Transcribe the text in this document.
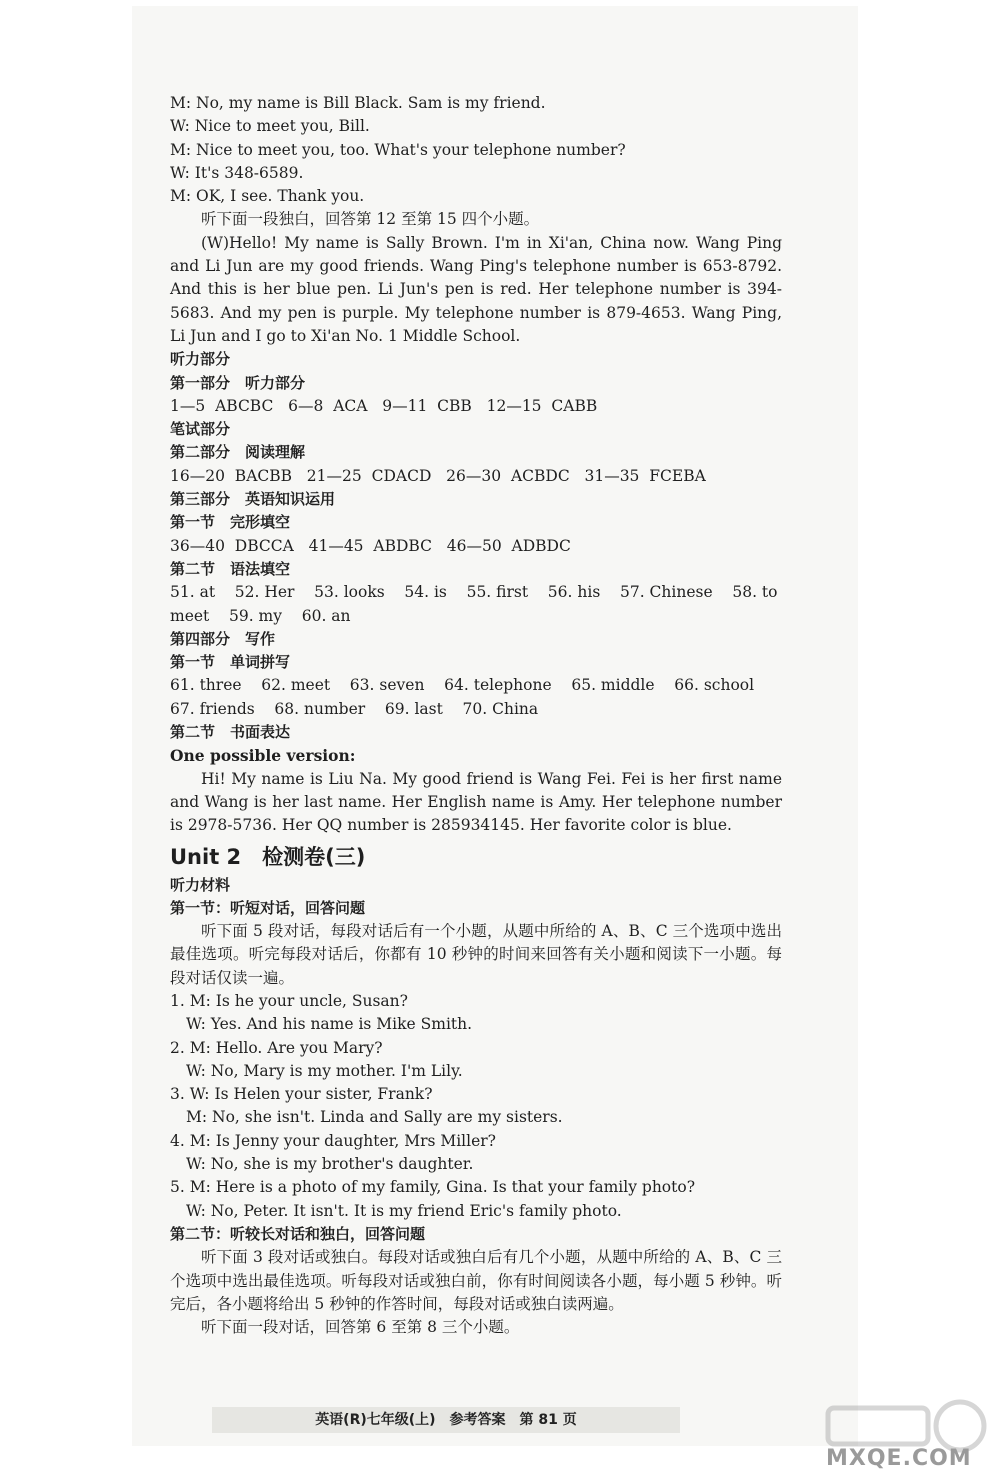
M: No, my name is Bill Black. Sam is my friend.
W: Nice to meet you, Bill.
M: Nice to meet you, too. What's your telephone number?
W: It's 348-6589.
M: OK, I see. Thank you.
听下面一段独白，回答第 12 至第 15 四个小题。
(W)Hello! My name is Sally Brown. I'm in Xi'an, China now. Wang Ping and Li Jun are my good friends. Wang Ping's telephone number is 653-8792. And this is her blue pen. Li Jun's pen is red. Her telephone number is 394-5683. And my pen is purple. My telephone number is 879-4653. Wang Ping, Li Jun and I go to Xi'an No. 1 Middle School.
听力部分
第一部分　听力部分
1—5  ABCBC   6—8  ACA   9—11  CBB   12—15  CABB
笔试部分
第二部分　阅读理解
16—20  BACBB   21—25  CDACD   26—30  ACBDC   31—35  FCEBA
第三部分　英语知识运用
第一节　完形填空
36—40  DBCCA   41—45  ABDBC   46—50  ADBDC
第二节　语法填空
51. at    52. Her    53. looks    54. is    55. first    56. his    57. Chinese    58. to
meet    59. my    60. an
第四部分　写作
第一节　单词拼写
61. three    62. meet    63. seven    64. telephone    65. middle    66. school
67. friends    68. number    69. last    70. China
第二节　书面表达
One possible version:
Hi! My name is Liu Na. My good friend is Wang Fei. Fei is her first name and Wang is her last name. Her English name is Amy. Her telephone number is 2978-5736. Her QQ number is 285934145. Her favorite color is blue.
Unit 2　检测卷(三)
听力材料
第一节：听短对话，回答问题
听下面 5 段对话，每段对话后有一个小题，从题中所给的 A、B、C 三个选项中选出最佳选项。听完每段对话后，你都有 10 秒钟的时间来回答有关小题和阅读下一小题。每段对话仅读一遍。
1. M: Is he your uncle, Susan?
W: Yes. And his name is Mike Smith.
2. M: Hello. Are you Mary?
W: No, Mary is my mother. I'm Lily.
3. W: Is Helen your sister, Frank?
M: No, she isn't. Linda and Sally are my sisters.
4. M: Is Jenny your daughter, Mrs Miller?
W: No, she is my brother's daughter.
5. M: Here is a photo of my family, Gina. Is that your family photo?
W: No, Peter. It isn't. It is my friend Eric's family photo.
第二节：听较长对话和独白，回答问题
听下面 3 段对话或独白。每段对话或独白后有几个小题，从题中所给的 A、B、C 三个选项中选出最佳选项。听每段对话或独白前，你有时间阅读各小题，每小题 5 秒钟。听完后，各小题将给出 5 秒钟的作答时间，每段对话或独白读两遍。
听下面一段对话，回答第 6 至第 8 三个小题。
英语(R)七年级(上)　参考答案　第 81 页
MXQE.COM
